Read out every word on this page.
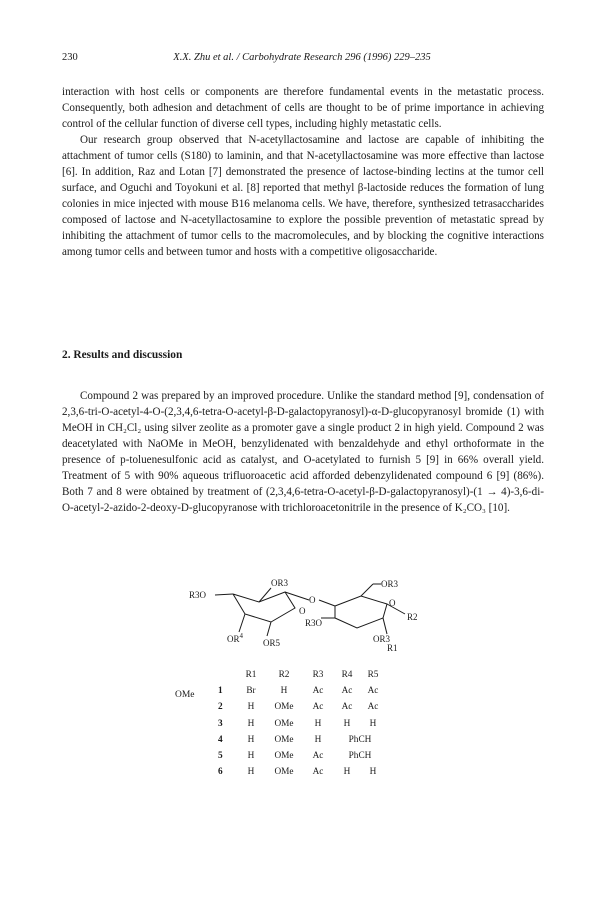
230	X.X. Zhu et al. / Carbohydrate Research 296 (1996) 229–235

interaction with host cells or components are therefore fundamental events in the metastatic process. Consequently, both adhesion and detachment of cells are thought to be of prime importance in achieving control of the cellular function of diverse cell types, including highly metastatic cells.

Our research group observed that N-acetyllactosamine and lactose are capable of inhibiting the attachment of tumor cells (S180) to laminin, and that N-acetyllactosamine was more effective than lactose [6]. In addition, Raz and Lotan [7] demonstrated the presence of lactose-binding lectins at the tumor cell surface, and Oguchi and Toyokuni et al. [8] reported that methyl β-lactoside reduces the formation of lung colonies in mice injected with mouse B16 melanoma cells. We have, therefore, synthesized tetrasaccharides composed of lactose and N-acetyllactosamine to explore the possible prevention of metastatic spread by inhibiting the attachment of tumor cells to the macromolecules, and by blocking the cognitive interactions among tumor cells and between tumor and hosts with a competitive oligosaccharide.

2. Results and discussion

Compound 2 was prepared by an improved procedure. Unlike the standard method [9], condensation of 2,3,6-tri-O-acetyl-4-O-(2,3,4,6-tetra-O-acetyl-β-D-galactopyranosyl)-α-D-glucopyranosyl bromide (1) with MeOH in CH₂Cl₂ using silver zeolite as a promoter gave a single product 2 in high yield. Compound 2 was deacetylated with NaOMe in MeOH, benzylidenated with benzaldehyde and ethyl orthoformate in the presence of p-toluenesulfonic acid as catalyst, and O-acetylated to furnish 5 [9] in 66% overall yield. Treatment of 5 with 90% aqueous trifluoroacetic acid afforded debenzylidenated compound 6 [9] (86%). Both 7 and 8 were obtained by treatment of (2,3,4,6-tetra-O-acetyl-β-D-galactopyranosyl)-(1 → 4)-3,6-di-O-acetyl-2-azido-2-deoxy-D-glucopyranose with trichloroacetonitrile in the presence of K₂CO₃ [10].

OR3
R3O	O
O
$OR^4$
OR5
OR3
O
R3O
R2
OR3
R1
OMe
	R1	R2	R3	R4	R5
1	Br	H	Ac	Ac	Ac
2	H	OMe	Ac	Ac	Ac
3	H	OMe	H	H	H
4	H	OMe	H	PhCH	
5	H	OMe	Ac	PhCH	
6	H	OMe	Ac	H	H
